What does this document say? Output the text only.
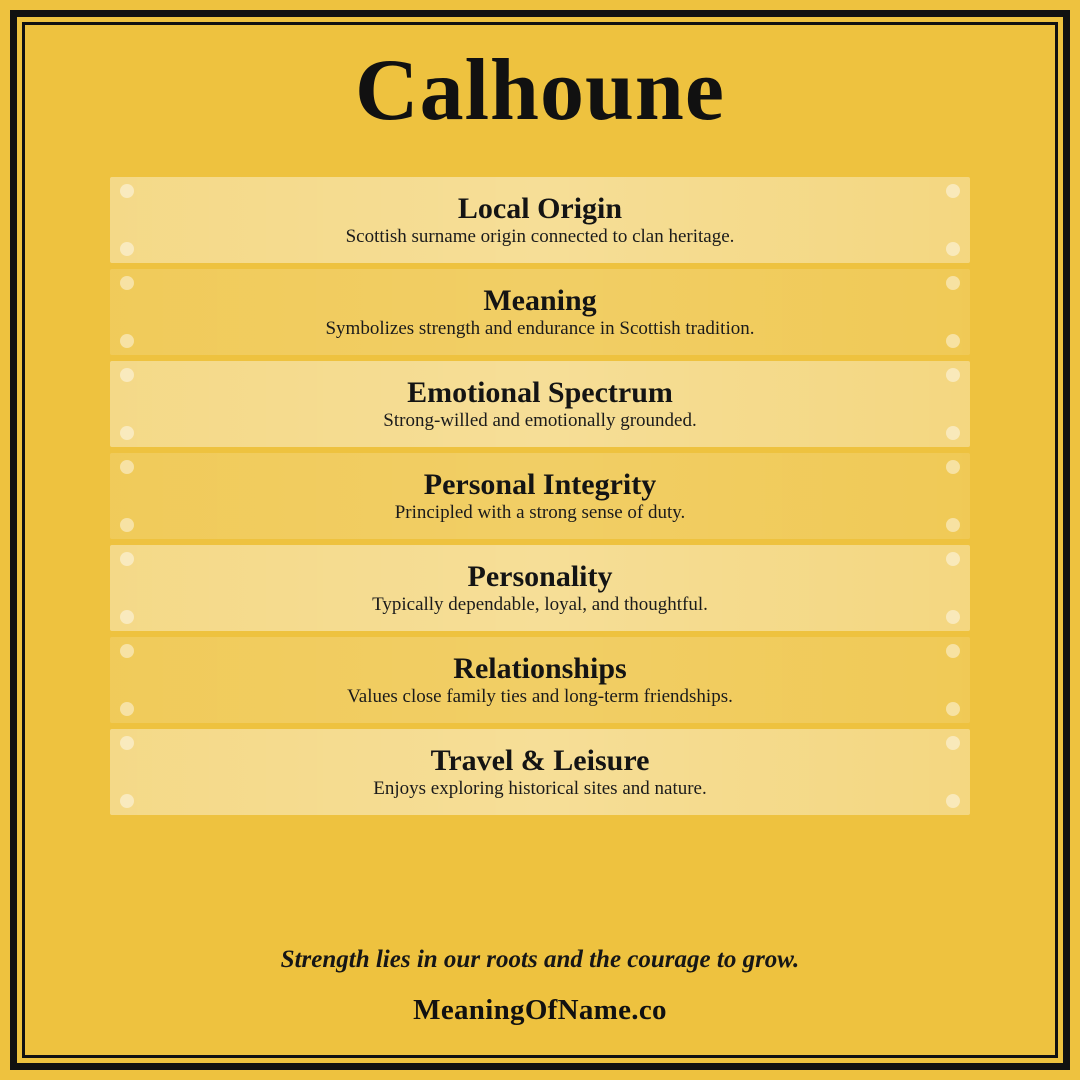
Calhoune
Local Origin
Scottish surname origin connected to clan heritage.
Meaning
Symbolizes strength and endurance in Scottish tradition.
Emotional Spectrum
Strong-willed and emotionally grounded.
Personal Integrity
Principled with a strong sense of duty.
Personality
Typically dependable, loyal, and thoughtful.
Relationships
Values close family ties and long-term friendships.
Travel & Leisure
Enjoys exploring historical sites and nature.
Strength lies in our roots and the courage to grow.
MeaningOfName.co
